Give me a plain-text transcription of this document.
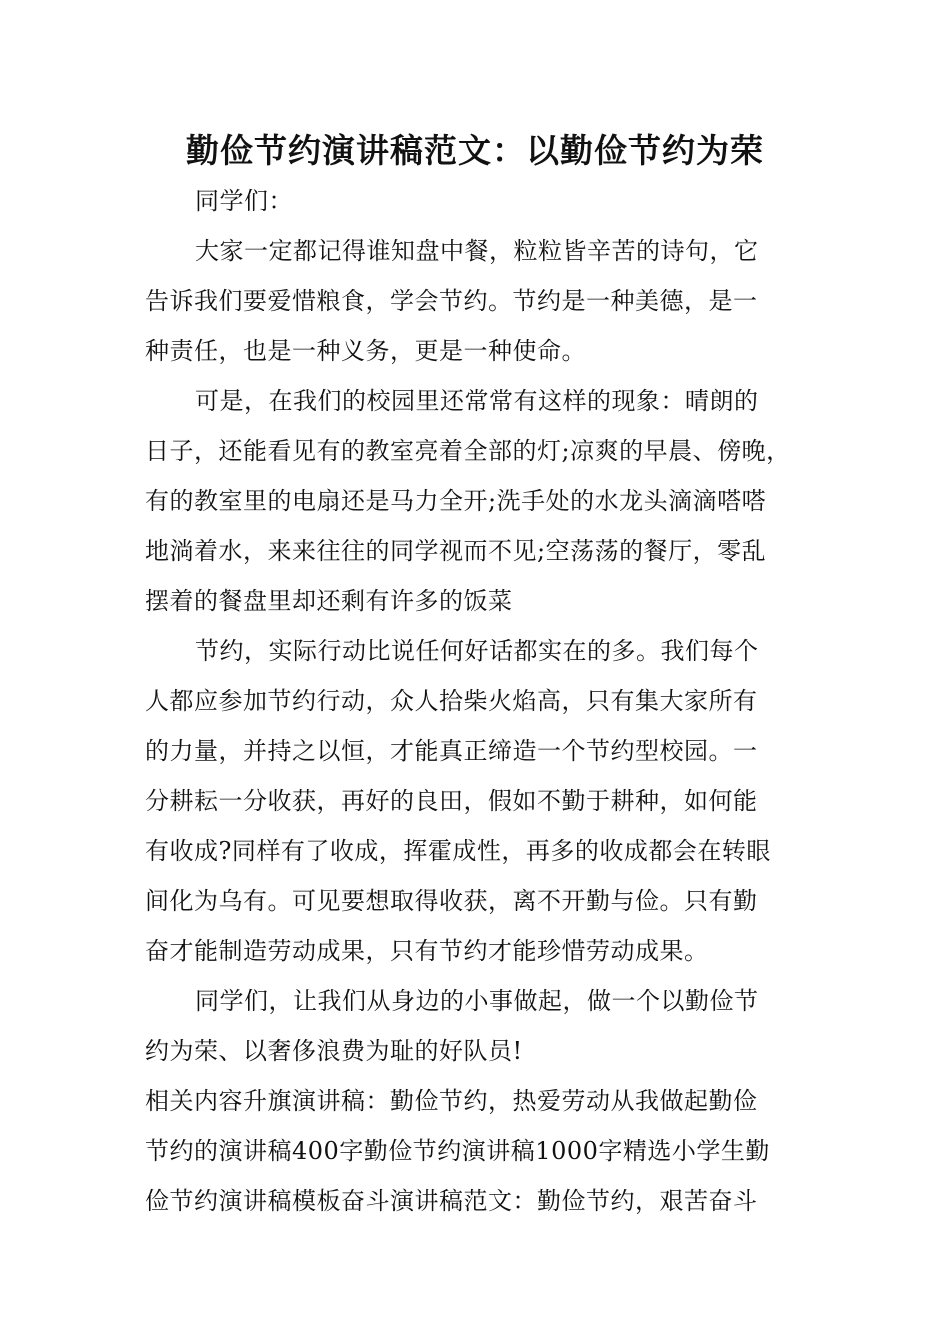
勤俭节约演讲稿范文：以勤俭节约为荣
同学们：
大家一定都记得谁知盘中餐，粒粒皆辛苦的诗句，它
告诉我们要爱惜粮食，学会节约。节约是一种美德，是一
种责任，也是一种义务，更是一种使命。
可是，在我们的校园里还常常有这样的现象：晴朗的
日子，还能看见有的教室亮着全部的灯;凉爽的早晨、傍晚，
有的教室里的电扇还是马力全开;洗手处的水龙头滴滴嗒嗒
地淌着水，来来往往的同学视而不见;空荡荡的餐厅，零乱
摆着的餐盘里却还剩有许多的饭菜
节约，实际行动比说任何好话都实在的多。我们每个
人都应参加节约行动，众人拾柴火焰高，只有集大家所有
的力量，并持之以恒，才能真正缔造一个节约型校园。一
分耕耘一分收获，再好的良田，假如不勤于耕种，如何能
有收成?同样有了收成，挥霍成性，再多的收成都会在转眼
间化为乌有。可见要想取得收获，离不开勤与俭。只有勤
奋才能制造劳动成果，只有节约才能珍惜劳动成果。
同学们，让我们从身边的小事做起，做一个以勤俭节
约为荣、以奢侈浪费为耻的好队员!
相关内容升旗演讲稿：勤俭节约，热爱劳动从我做起勤俭
节约的演讲稿400字勤俭节约演讲稿1000字精选小学生勤
俭节约演讲稿模板奋斗演讲稿范文：勤俭节约，艰苦奋斗
